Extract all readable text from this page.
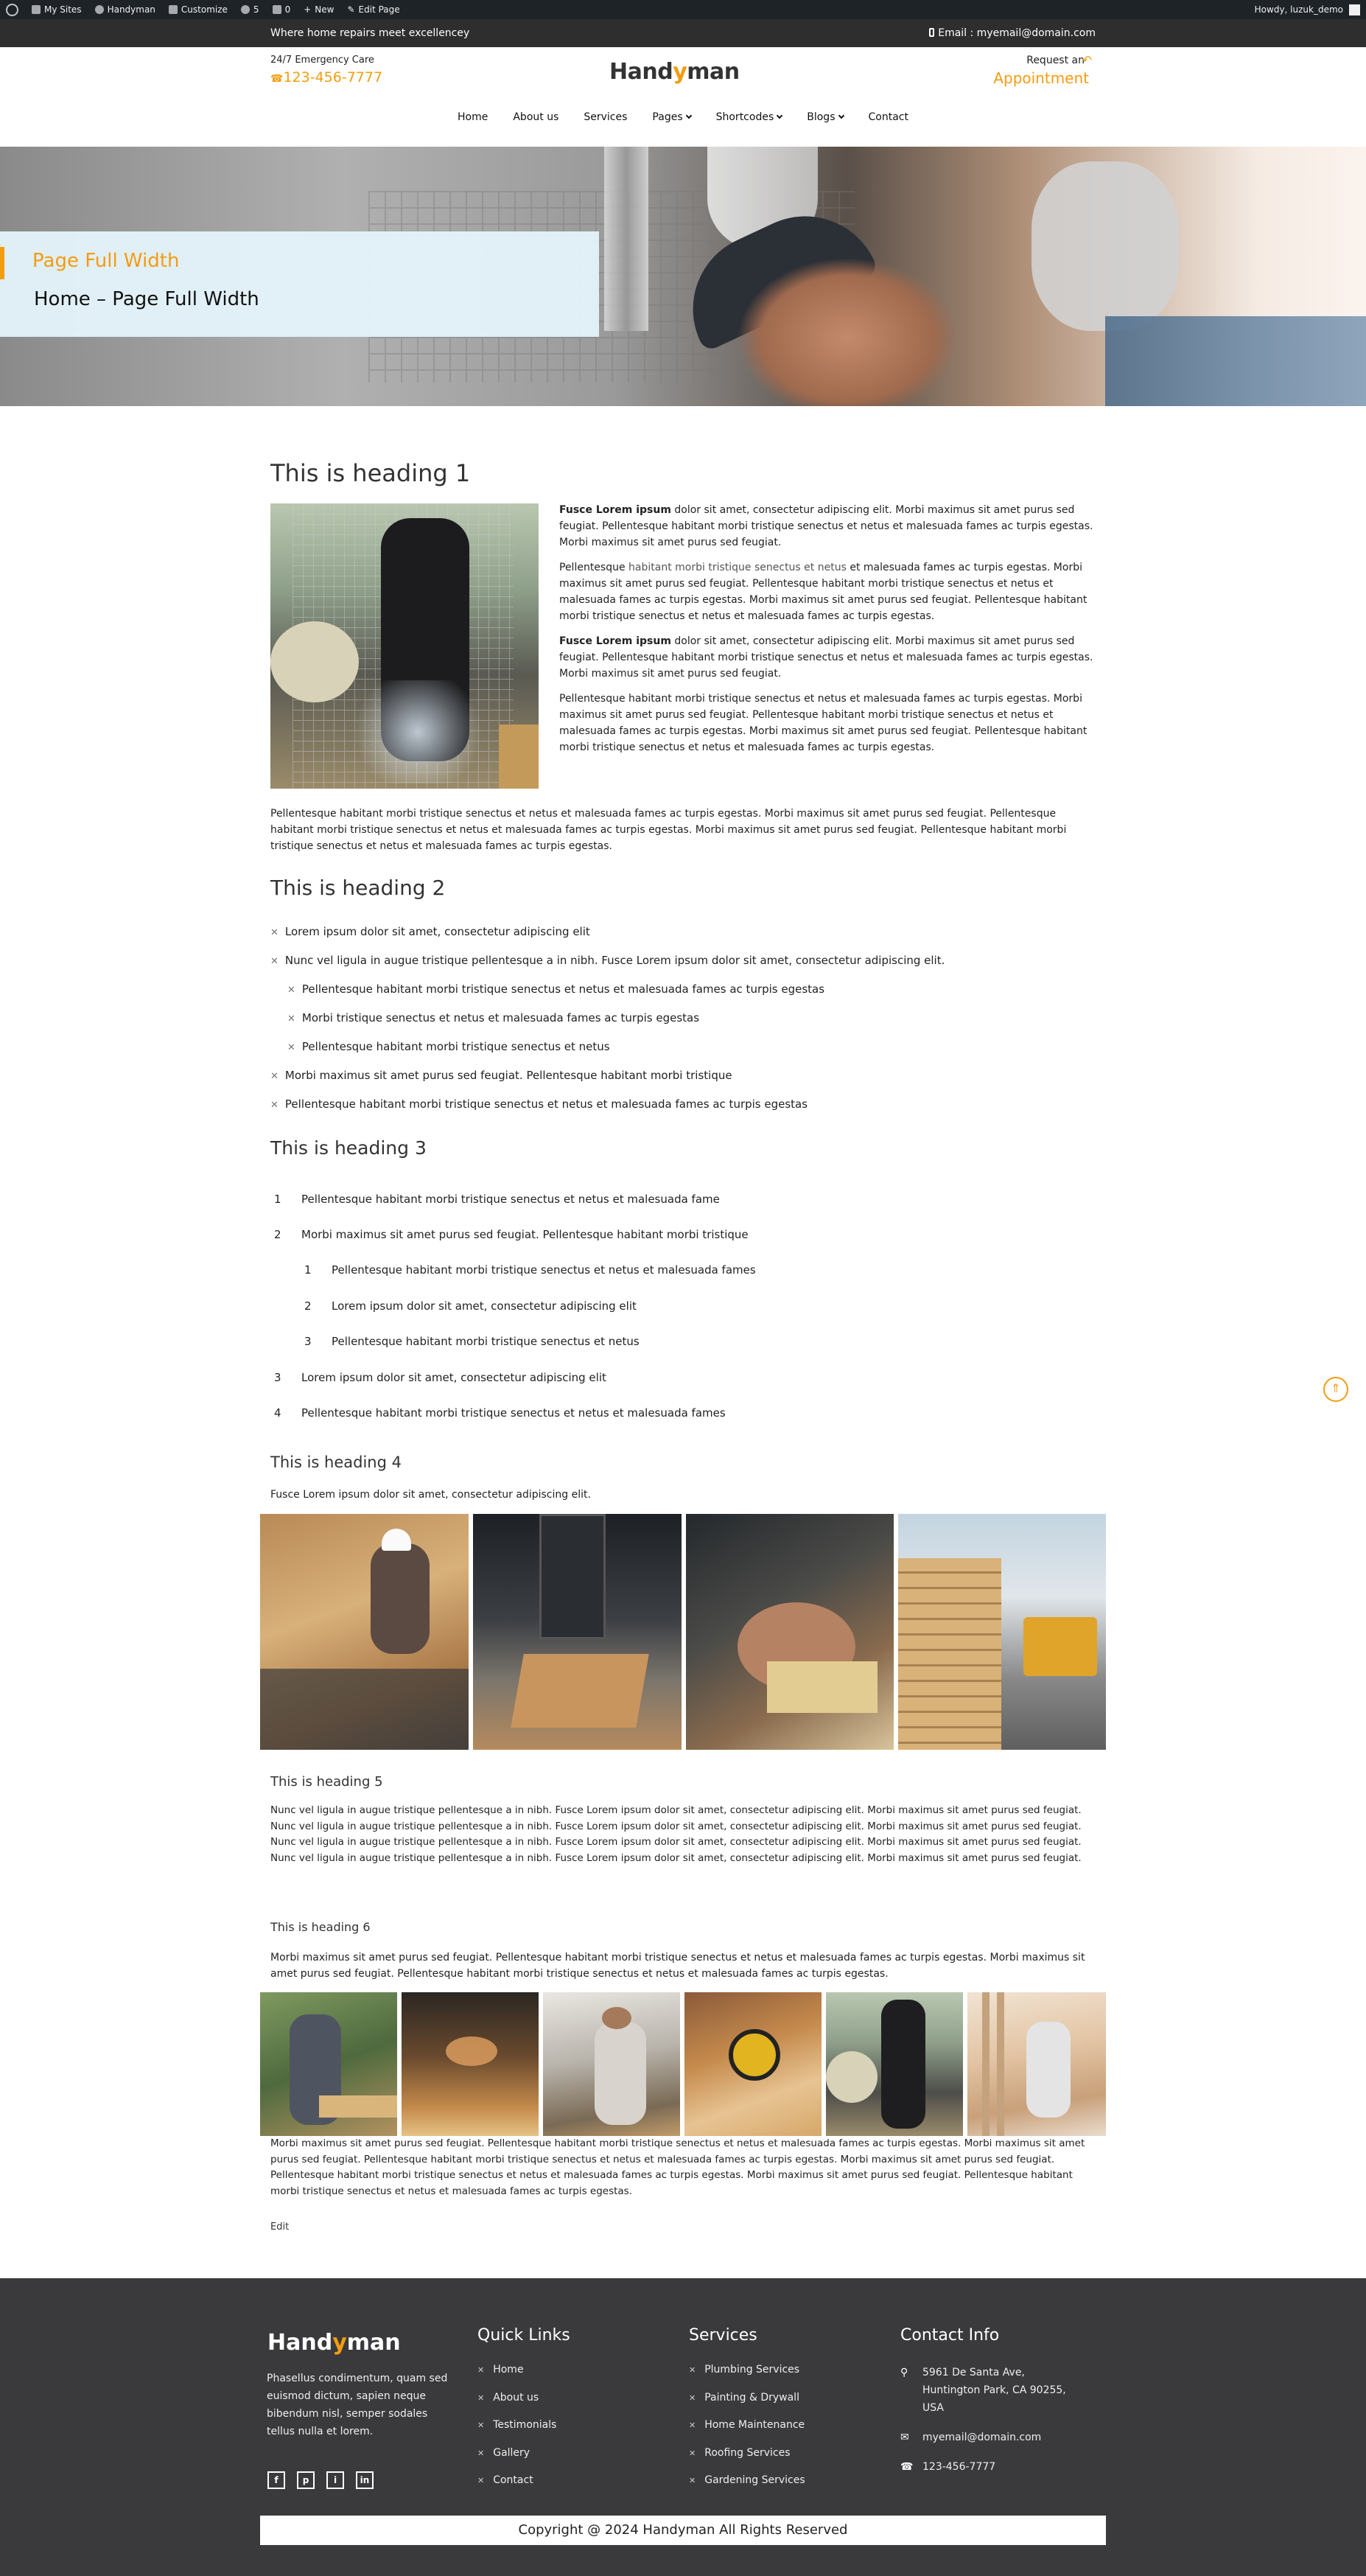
My Sites	Handyman	Customize	5	0 + New ✎ Edit Page	Howdy, luzuk_demo
Where home repairs meet excellencey	Email : myemail@domain.com
24/7 Emergency Care
☎123-456-7777	Handyman	Request an
↶
Appointment
Home About us Services Pages	Shortcodes	Blogs	Contact
Page Full Width
Home – Page Full Width
This is heading 1
Fusce Lorem ipsum dolor sit amet, consectetur adipiscing elit. Morbi maximus sit amet purus sed feugiat. Pellentesque habitant morbi tristique senectus et netus et malesuada fames ac turpis egestas. Morbi maximus sit amet purus sed feugiat.
Pellentesque habitant morbi tristique senectus et netus et malesuada fames ac turpis egestas. Morbi maximus sit amet purus sed feugiat. Pellentesque habitant morbi tristique senectus et netus et malesuada fames ac turpis egestas. Morbi maximus sit amet purus sed feugiat. Pellentesque habitant morbi tristique senectus et netus et malesuada fames ac turpis egestas.
Fusce Lorem ipsum dolor sit amet, consectetur adipiscing elit. Morbi maximus sit amet purus sed feugiat. Pellentesque habitant morbi tristique senectus et netus et malesuada fames ac turpis egestas. Morbi maximus sit amet purus sed feugiat.
Pellentesque habitant morbi tristique senectus et netus et malesuada fames ac turpis egestas. Morbi maximus sit amet purus sed feugiat. Pellentesque habitant morbi tristique senectus et netus et malesuada fames ac turpis egestas. Morbi maximus sit amet purus sed feugiat. Pellentesque habitant morbi tristique senectus et netus et malesuada fames ac turpis egestas.
Pellentesque habitant morbi tristique senectus et netus et malesuada fames ac turpis egestas. Morbi maximus sit amet purus sed feugiat. Pellentesque habitant morbi tristique senectus et netus et malesuada fames ac turpis egestas. Morbi maximus sit amet purus sed feugiat. Pellentesque habitant morbi tristique senectus et netus et malesuada fames ac turpis egestas.
This is heading 2
✕ Lorem ipsum dolor sit amet, consectetur adipiscing elit
✕ Nunc vel ligula in augue tristique pellentesque a in nibh. Fusce Lorem ipsum dolor sit amet, consectetur adipiscing elit.
✕ Pellentesque habitant morbi tristique senectus et netus et malesuada fames ac turpis egestas
✕ Morbi tristique senectus et netus et malesuada fames ac turpis egestas
✕ Pellentesque habitant morbi tristique senectus et netus
✕ Morbi maximus sit amet purus sed feugiat. Pellentesque habitant morbi tristique
✕ Pellentesque habitant morbi tristique senectus et netus et malesuada fames ac turpis egestas
This is heading 3
1 Pellentesque habitant morbi tristique senectus et netus et malesuada fame
2 Morbi maximus sit amet purus sed feugiat. Pellentesque habitant morbi tristique
1 Pellentesque habitant morbi tristique senectus et netus et malesuada fames
2 Lorem ipsum dolor sit amet, consectetur adipiscing elit
3 Pellentesque habitant morbi tristique senectus et netus
3 Lorem ipsum dolor sit amet, consectetur adipiscing elit
4 Pellentesque habitant morbi tristique senectus et netus et malesuada fames
⇑
This is heading 4
Fusce Lorem ipsum dolor sit amet, consectetur adipiscing elit.
This is heading 5
Nunc vel ligula in augue tristique pellentesque a in nibh. Fusce Lorem ipsum dolor sit amet, consectetur adipiscing elit. Morbi maximus sit amet purus sed feugiat. Nunc vel ligula in augue tristique pellentesque a in nibh. Fusce Lorem ipsum dolor sit amet, consectetur adipiscing elit. Morbi maximus sit amet purus sed feugiat. Nunc vel ligula in augue tristique pellentesque a in nibh. Fusce Lorem ipsum dolor sit amet, consectetur adipiscing elit. Morbi maximus sit amet purus sed feugiat. Nunc vel ligula in augue tristique pellentesque a in nibh. Fusce Lorem ipsum dolor sit amet, consectetur adipiscing elit. Morbi maximus sit amet purus sed feugiat.
This is heading 6
Morbi maximus sit amet purus sed feugiat. Pellentesque habitant morbi tristique senectus et netus et malesuada fames ac turpis egestas. Morbi maximus sit amet purus sed feugiat. Pellentesque habitant morbi tristique senectus et netus et malesuada fames ac turpis egestas.
Morbi maximus sit amet purus sed feugiat. Pellentesque habitant morbi tristique senectus et netus et malesuada fames ac turpis egestas. Morbi maximus sit amet purus sed feugiat. Pellentesque habitant morbi tristique senectus et netus et malesuada fames ac turpis egestas. Morbi maximus sit amet purus sed feugiat. Pellentesque habitant morbi tristique senectus et netus et malesuada fames ac turpis egestas. Morbi maximus sit amet purus sed feugiat. Pellentesque habitant morbi tristique senectus et netus et malesuada fames ac turpis egestas.
Edit
Handyman
Phasellus condimentum, quam sed euismod dictum, sapien neque bibendum nisl, semper sodales tellus nulla et lorem.
f	p	i	in
Quick Links
✕ Home
✕ About us
✕ Testimonials
✕ Gallery
✕ Contact
Services
✕ Plumbing Services
✕ Painting & Drywall
✕ Home Maintenance
✕ Roofing Services
✕ Gardening Services
Contact Info
⚲ 5961 De Santa Ave,
Huntington Park, CA 90255,
USA
✉ myemail@domain.com
☎ 123-456-7777
Copyright @ 2024 Handyman All Rights Reserved
